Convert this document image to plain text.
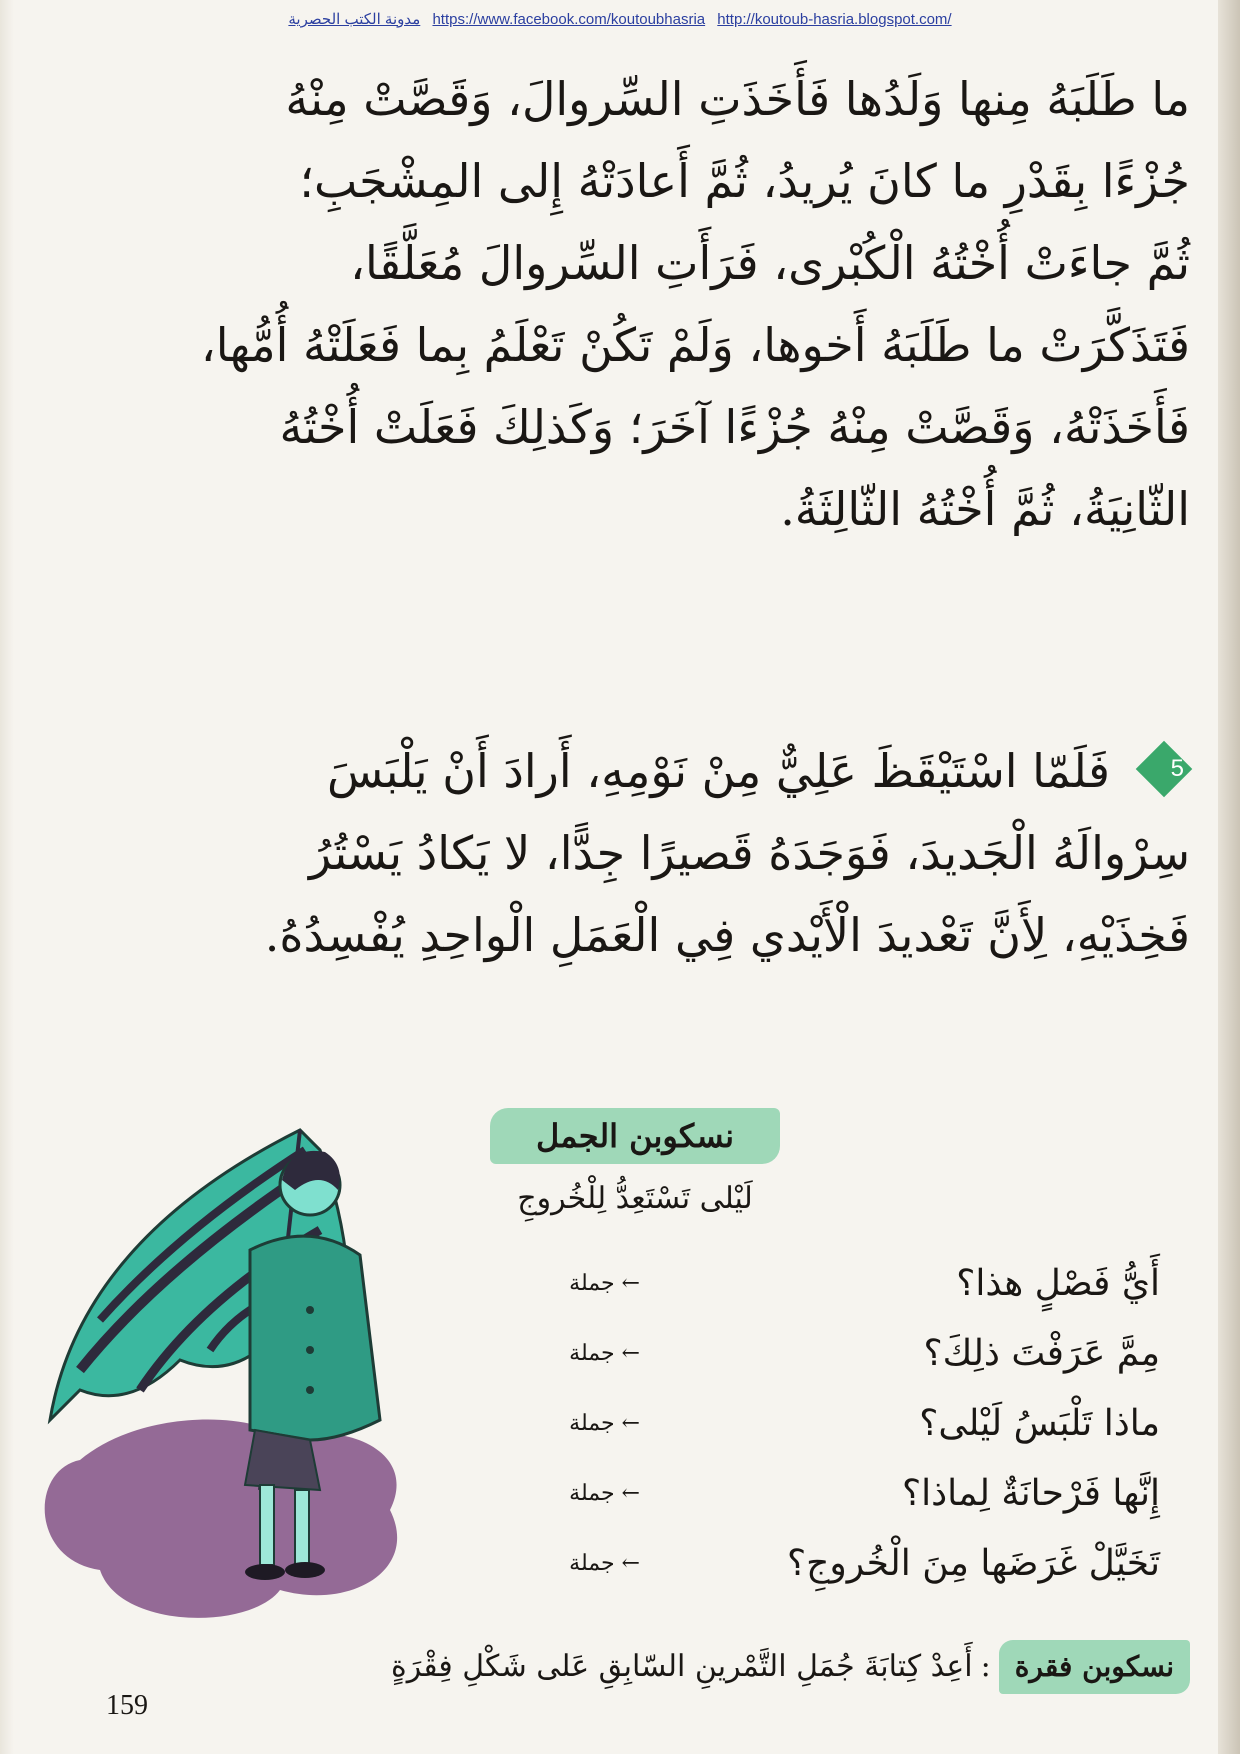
مدونة الكتب الحصرية https://www.facebook.com/koutoubhasria http://koutoub-hasria.blogspot.com/
ما طَلَبَهُ مِنها وَلَدُها فَأَخَذَتِ السِّروالَ، وَقَصَّتْ مِنْهُ
جُزْءًا بِقَدْرِ ما كانَ يُريدُ، ثُمَّ أَعادَتْهُ إِلى المِشْجَبِ؛
ثُمَّ جاءَتْ أُخْتُهُ الْكُبْرى، فَرَأَتِ السِّروالَ مُعَلَّقًا،
فَتَذَكَّرَتْ ما طَلَبَهُ أَخوها، وَلَمْ تَكُنْ تَعْلَمُ بِما فَعَلَتْهُ أُمُّها،
فَأَخَذَتْهُ، وَقَصَّتْ مِنْهُ جُزْءًا آخَرَ؛ وَكَذلِكَ فَعَلَتْ أُخْتُهُ
الثّانِيَةُ، ثُمَّ أُخْتُهُ الثّالِثَةُ.
5
فَلَمّا اسْتَيْقَظَ عَلِيٌّ مِنْ نَوْمِهِ، أَرادَ أَنْ يَلْبَسَ
سِرْوالَهُ الْجَديدَ، فَوَجَدَهُ قَصيرًا جِدًّا، لا يَكادُ يَسْتُرُ
فَخِذَيْهِ، لِأَنَّ تَعْديدَ الْأَيْدي فِي الْعَمَلِ الْواحِدِ يُفْسِدُهُ.
نسكوبن الجمل
لَيْلى تَسْتَعِدُّ لِلْخُروجِ
← جملة	أَيُّ فَصْلٍ هذا؟
← جملة	مِمَّ عَرَفْتَ ذلِكَ؟
← جملة	ماذا تَلْبَسُ لَيْلى؟
← جملة	إِنَّها فَرْحانَةٌ لِماذا؟
← جملة	تَخَيَّلْ غَرَضَها مِنَ الْخُروجِ؟
نسكوبن فقرة:أَعِدْ كِتابَةَ جُمَلِ التَّمْرينِ السّابِقِ عَلى شَكْلِ فِقْرَةٍ
159
